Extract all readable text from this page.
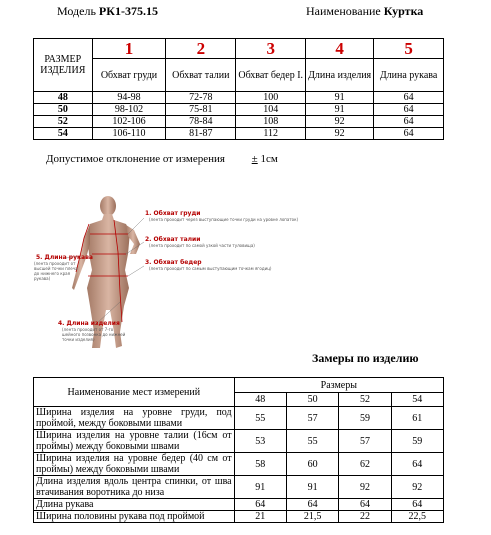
Модель РК1-375.15	Наименование Куртка
РАЗМЕР ИЗДЕЛИЯ	1	2	3	4	5
	Обхват груди	Обхват талии	Обхват бедер I.	Длина изделия	Длина рукава
48	94-98	72-78	100	91	64
50	98-102	75-81	104	91	64
52	102-106	78-84	108	92	64
54	106-110	81-87	112	92	64
Допустимое отклонение от измерения ± 1см
1. Обхват груди
(лента проходит через выступающие точки груди на уровне лопаток)
2. Обхват талии
(лента проходит по самой узкой части туловища)
3. Обхват бедер
(лента проходит по самым выступающим точкам ягодиц)
5. Длина рукава
(лента проходит от высшей точки плеча до нижнего края рукава)
4. Длина изделия
(лента проходит от 7-го шейного позвонка до нижней точки изделия)
Замеры по изделию
Наименование мест измерений	Размеры			
	48	50	52	54
Ширина изделия на уровне груди, под проймой, между боковыми швами	55	57	59	61
Ширина изделия на уровне талии (16см от проймы) между боковыми швами	53	55	57	59
Ширина изделия на уровне бедер (40 см от проймы) между боковыми швами	58	60	62	64
Длина изделия вдоль центра спинки, от шва втачивания воротника до низа	91	91	92	92
Длина рукава	64	64	64	64
Ширина половины рукава под проймой	21	21,5	22	22,5
